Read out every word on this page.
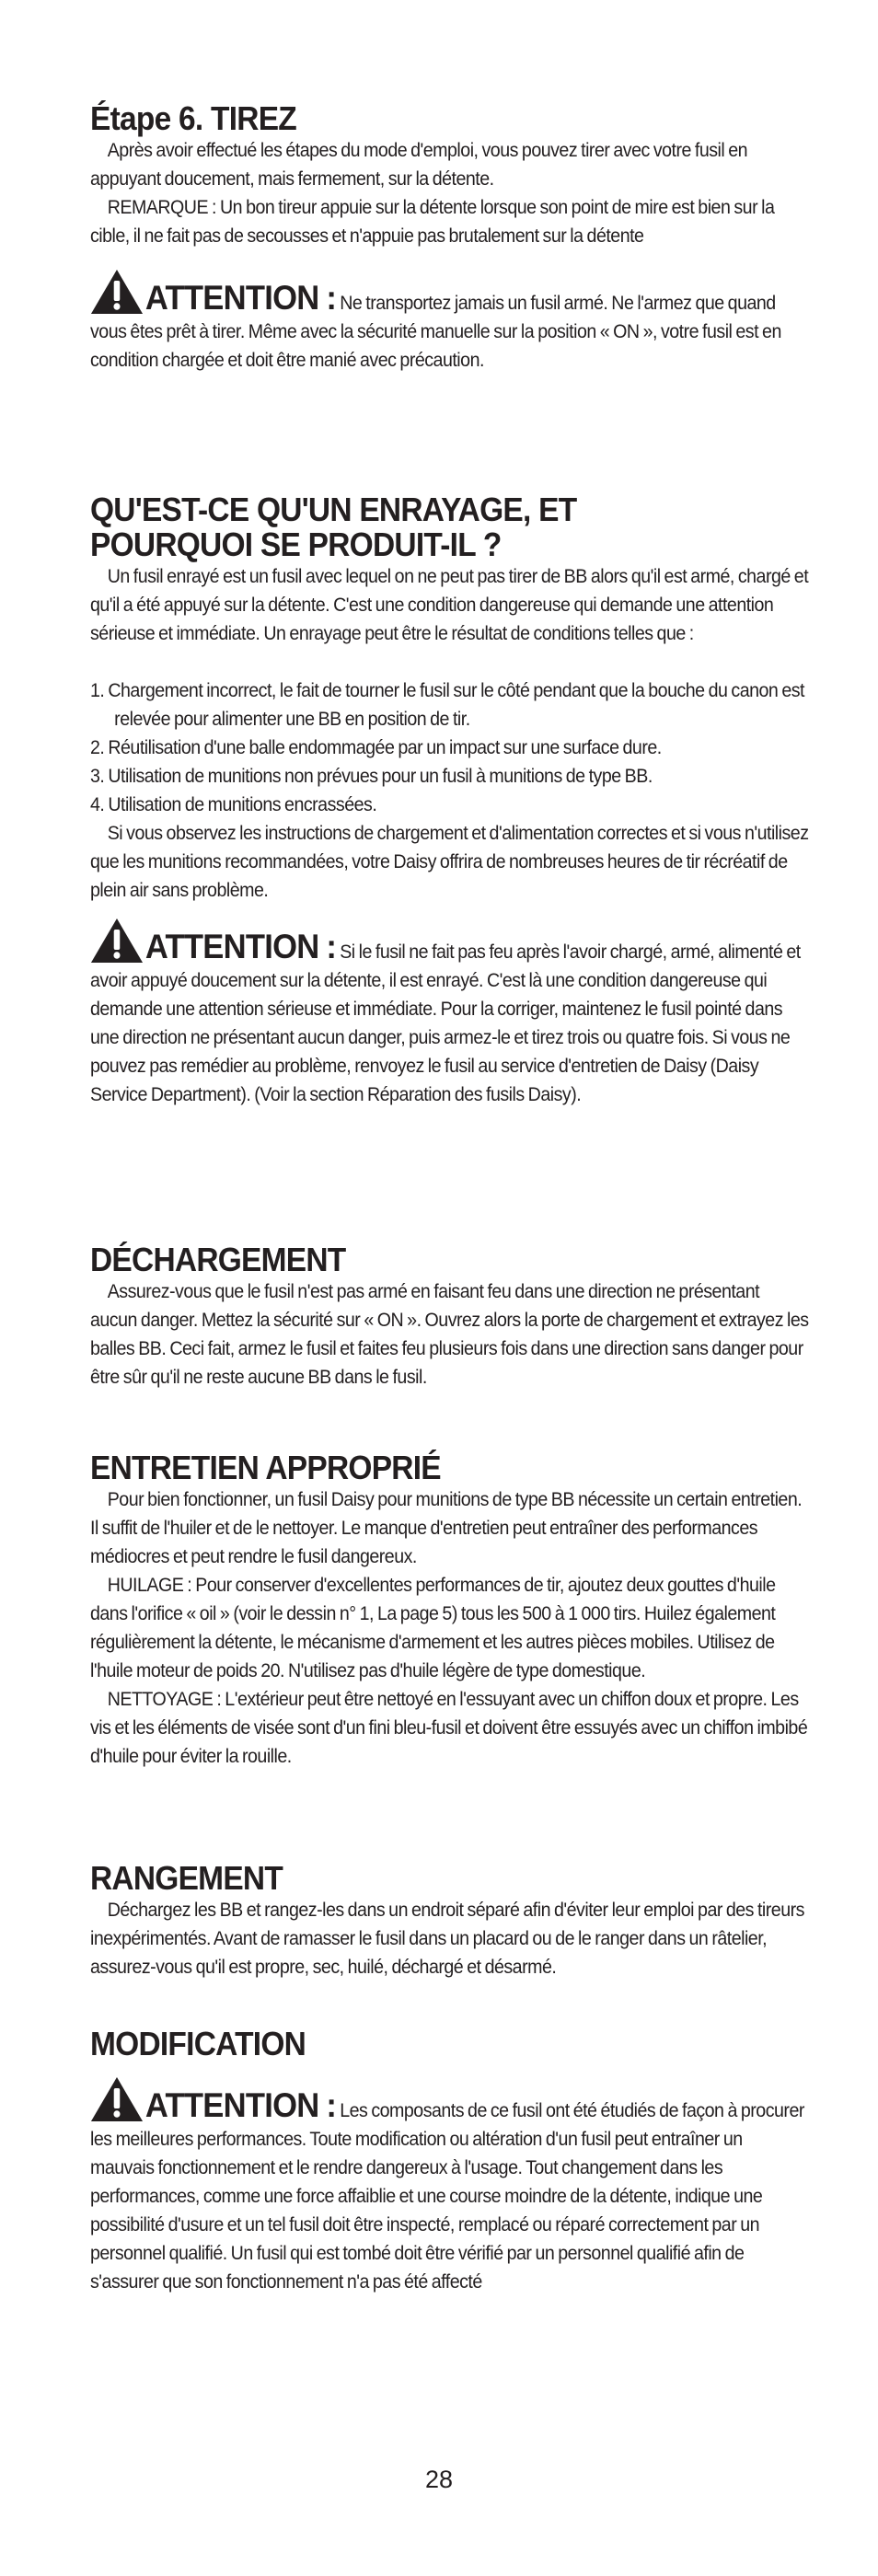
Étape 6. TIREZ

Après avoir effectué les étapes du mode d'emploi, vous pouvez tirer avec votre fusil en appuyant doucement, mais fermement, sur la détente.

REMARQUE : Un bon tireur appuie sur la détente lorsque son point de mire est bien sur la cible, il ne fait pas de secousses et n'appuie pas brutalement sur la détente

ATTENTION : Ne transportez jamais un fusil armé. Ne l'armez que quand vous êtes prêt à tirer. Même avec la sécurité manuelle sur la position « ON », votre fusil est en condition chargée et doit être manié avec précaution.

QU'EST-CE QU'UN ENRAYAGE, ET
POURQUOI SE PRODUIT-IL ?

Un fusil enrayé est un fusil avec lequel on ne peut pas tirer de BB alors qu'il est armé, chargé et qu'il a été appuyé sur la détente. C'est une condition dangereuse qui demande une attention sérieuse et immédiate. Un enrayage peut être le résultat de conditions telles que :

1. Chargement incorrect, le fait de tourner le fusil sur le côté pendant que la bouche du canon est relevée pour alimenter une BB en position de tir.
2. Réutilisation d'une balle endommagée par un impact sur une surface dure.
3. Utilisation de munitions non prévues pour un fusil à munitions de type BB.
4. Utilisation de munitions encrassées.

Si vous observez les instructions de chargement et d'alimentation correctes et si vous n'utilisez que les munitions recommandées, votre Daisy offrira de nombreuses heures de tir récréatif de plein air sans problème.

ATTENTION : Si le fusil ne fait pas feu après l'avoir chargé, armé, alimenté et avoir appuyé doucement sur la détente, il est enrayé. C'est là une condition dangereuse qui demande une attention sérieuse et immédiate. Pour la corriger, maintenez le fusil pointé dans une direction ne présentant aucun danger, puis armez-le et tirez trois ou quatre fois. Si vous ne pouvez pas remédier au problème, renvoyez le fusil au service d'entretien de Daisy (Daisy Service Department). (Voir la section Réparation des fusils Daisy).

DÉCHARGEMENT

Assurez-vous que le fusil n'est pas armé en faisant feu dans une direction ne présentant aucun danger. Mettez la sécurité sur « ON ». Ouvrez alors la porte de chargement et extrayez les balles BB. Ceci fait, armez le fusil et faites feu plusieurs fois dans une direction sans danger pour être sûr qu'il ne reste aucune BB dans le fusil.

ENTRETIEN APPROPRIÉ

Pour bien fonctionner, un fusil Daisy pour munitions de type BB nécessite un certain entretien. Il suffit de l'huiler et de le nettoyer. Le manque d'entretien peut entraîner des performances médiocres et peut rendre le fusil dangereux.

HUILAGE : Pour conserver d'excellentes performances de tir, ajoutez deux gouttes d'huile dans l'orifice « oil » (voir le dessin n° 1, La page 5) tous les 500 à 1 000 tirs. Huilez également régulièrement la détente, le mécanisme d'armement et les autres pièces mobiles. Utilisez de l'huile moteur de poids 20. N'utilisez pas d'huile légère de type domestique.

NETTOYAGE : L'extérieur peut être nettoyé en l'essuyant avec un chiffon doux et propre. Les vis et les éléments de visée sont d'un fini bleu-fusil et doivent être essuyés avec un chiffon imbibé d'huile pour éviter la rouille.

RANGEMENT

Déchargez les BB et rangez-les dans un endroit séparé afin d'éviter leur emploi par des tireurs inexpérimentés. Avant de ramasser le fusil dans un placard ou de le ranger dans un râtelier, assurez-vous qu'il est propre, sec, huilé, déchargé et désarmé.

MODIFICATION

ATTENTION : Les composants de ce fusil ont été étudiés de façon à procurer les meilleures performances. Toute modification ou altération d'un fusil peut entraîner un mauvais fonctionnement et le rendre dangereux à l'usage. Tout changement dans les performances, comme une force affaiblie et une course moindre de la détente, indique une possibilité d'usure et un tel fusil doit être inspecté, remplacé ou réparé correctement par un personnel qualifié. Un fusil qui est tombé doit être vérifié par un personnel qualifié afin de s'assurer que son fonctionnement n'a pas été affecté

28
